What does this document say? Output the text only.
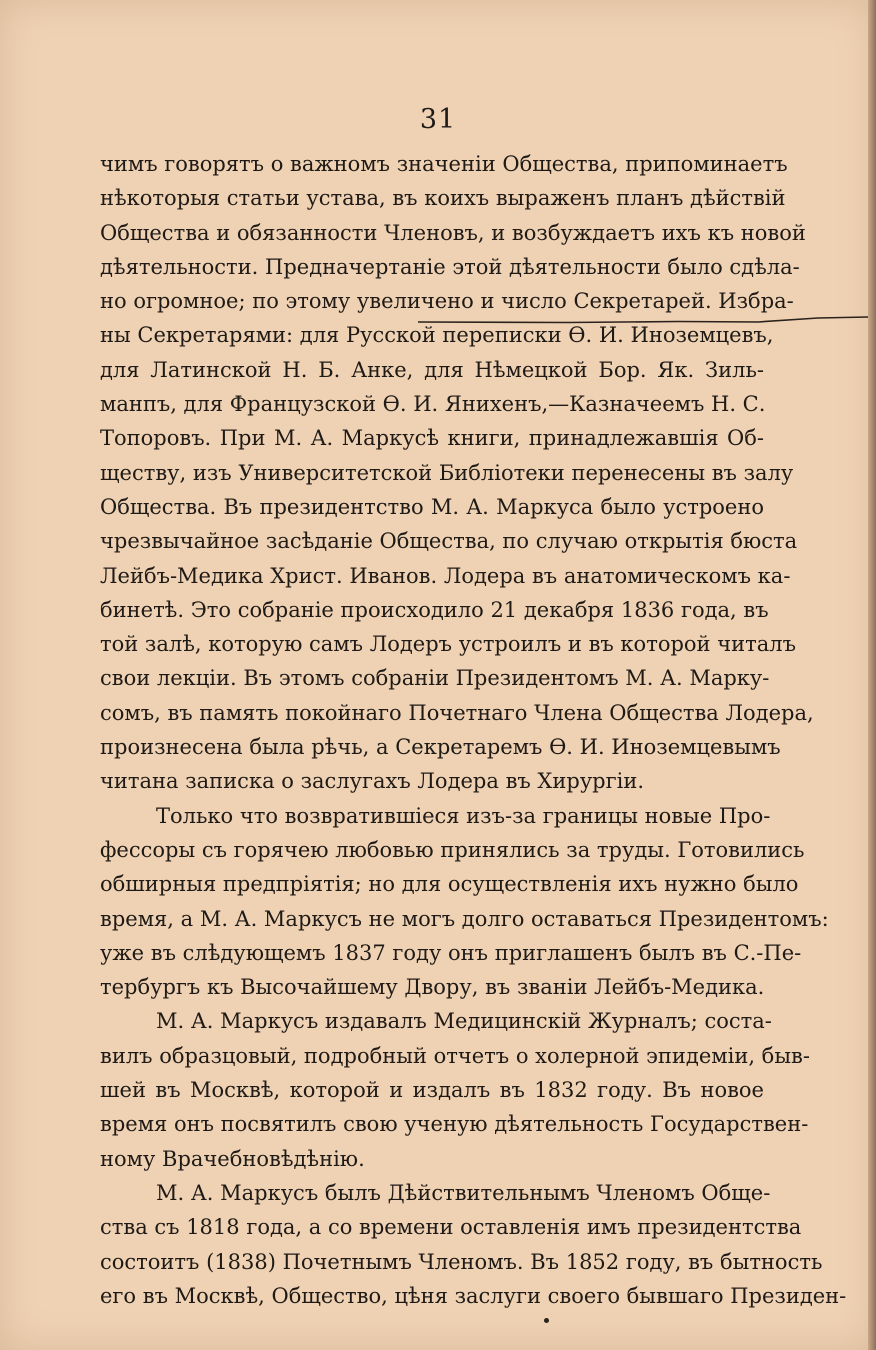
31
чимъ говорятъ о важномъ значенiи Общества, припоминаетъ
нѣкоторыя статьи устава, въ коихъ выраженъ планъ дѣйствiй
Общества и обязанности Членовъ, и возбуждаетъ ихъ къ новой
дѣятельности. Предначертанiе этой дѣятельности было сдѣла-
но огромное; по этому увеличено и число Секретарей. Избра-
ны Секретарями: для Русской переписки Ѳ. И. Иноземцевъ,
для Латинской Н. Б. Анке, для Нѣмецкой Бор. Як. Зиль-
манпъ, для Французской Ѳ. И. Янихенъ,—Казначеемъ Н. С.
Топоровъ. При М. А. Маркусѣ книги, принадлежавшiя Об-
ществу, изъ Университетской Библiотеки перенесены въ залу
Общества. Въ президентство М. А. Маркуса было устроено
чрезвычайное засѣданiе Общества, по случаю открытiя бюста
Лейбъ-Медика Христ. Иванов. Лодера въ анатомическомъ ка-
бинетѣ. Это собранiе происходило 21 декабря 1836 года, въ
той залѣ, которую самъ Лодеръ устроилъ и въ которой читалъ
свои лекцiи. Въ этомъ собранiи Президентомъ М. А. Марку-
сомъ, въ память покойнаго Почетнаго Члена Общества Лодера,
произнесена была рѣчь, а Секретаремъ Ѳ. И. Иноземцевымъ
читана записка о заслугахъ Лодера въ Хирургiи.
Только что возвратившiеся изъ-за границы новые Про-
фессоры съ горячею любовью принялись за труды. Готовились
обширныя предпрiятiя; но для осуществленiя ихъ нужно было
время, а М. А. Маркусъ не могъ долго оставаться Президентомъ:
уже въ слѣдующемъ 1837 году онъ приглашенъ былъ въ С.-Пе-
тербургъ къ Высочайшему Двору, въ званiи Лейбъ-Медика.
М. А. Маркусъ издавалъ Медицинскiй Журналъ; соста-
вилъ образцовый, подробный отчетъ о холерной эпидемiи, быв-
шей въ Москвѣ, которой и издалъ въ 1832 году. Въ новое
время онъ посвятилъ свою ученую дѣятельность Государствен-
ному Врачебновѣдѣнiю.
М. А. Маркусъ былъ Дѣйствительнымъ Членомъ Обще-
ства съ 1818 года, а со времени оставленiя имъ президентства
состоитъ (1838) Почетнымъ Членомъ. Въ 1852 году, въ бытность
его въ Москвѣ, Общество, цѣня заслуги своего бывшаго Президен-
